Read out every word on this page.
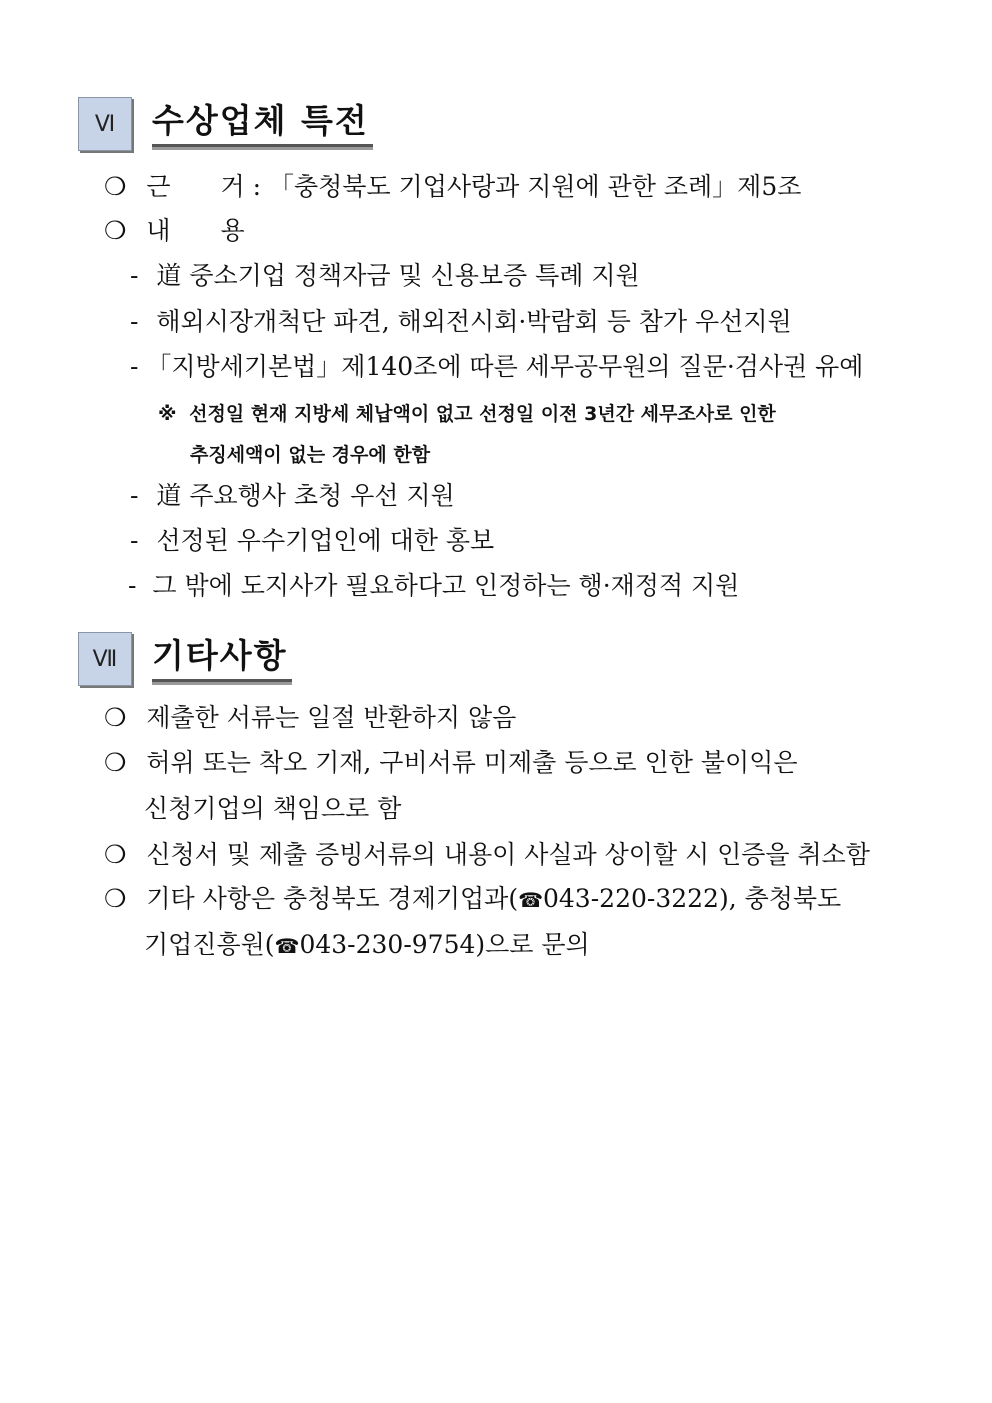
Ⅵ	수상업체 특전
❍ 근　　거 : 「충청북도 기업사랑과 지원에 관한 조례」제5조
❍ 내　　용
- 道 중소기업 정책자금 및 신용보증 특례 지원
- 해외시장개척단 파견, 해외전시회·박람회 등 참가 우선지원
- 「지방세기본법」제140조에 따른 세무공무원의 질문·검사권 유예
※ 선정일 현재 지방세 체납액이 없고 선정일 이전 3년간 세무조사로 인한
추징세액이 없는 경우에 한함
- 道 주요행사 초청 우선 지원
- 선정된 우수기업인에 대한 홍보
- 그 밖에 도지사가 필요하다고 인정하는 행·재정적 지원
Ⅶ	기타사항
❍ 제출한 서류는 일절 반환하지 않음
❍ 허위 또는 착오 기재, 구비서류 미제출 등으로 인한 불이익은
신청기업의 책임으로 함
❍ 신청서 및 제출 증빙서류의 내용이 사실과 상이할 시 인증을 취소함
❍ 기타 사항은 충청북도 경제기업과(☎043-220-3222), 충청북도
기업진흥원(☎043-230-9754)으로 문의
